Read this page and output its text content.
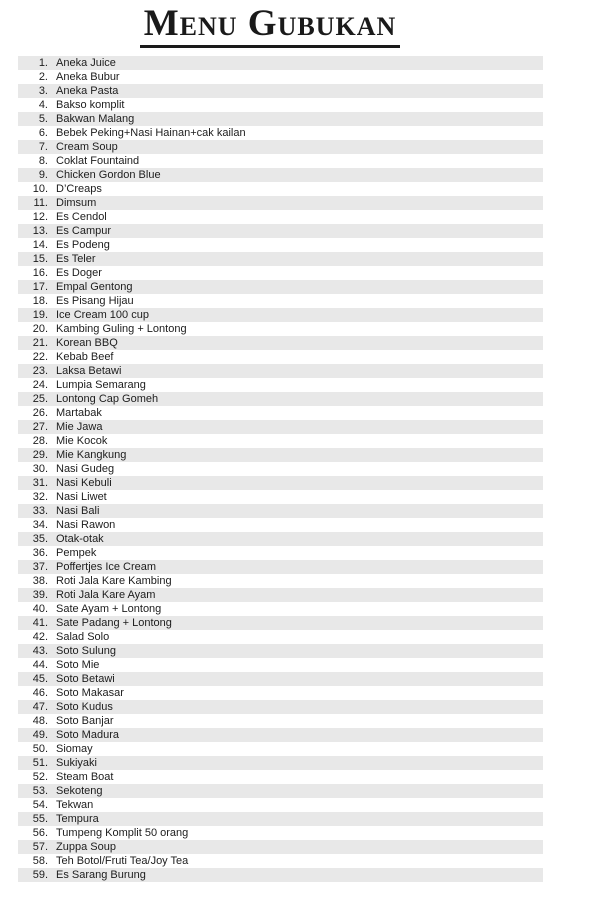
Menu Gubukan
1. Aneka Juice
2. Aneka Bubur
3. Aneka Pasta
4. Bakso komplit
5. Bakwan Malang
6. Bebek Peking+Nasi Hainan+cak kailan
7. Cream Soup
8. Coklat Fountaind
9. Chicken Gordon Blue
10. D’Creaps
11. Dimsum
12. Es Cendol
13. Es Campur
14. Es Podeng
15. Es Teler
16. Es Doger
17. Empal Gentong
18. Es Pisang Hijau
19. Ice Cream 100 cup
20. Kambing Guling + Lontong
21. Korean BBQ
22. Kebab Beef
23. Laksa Betawi
24. Lumpia Semarang
25. Lontong Cap Gomeh
26. Martabak
27. Mie Jawa
28. Mie Kocok
29. Mie Kangkung
30. Nasi Gudeg
31. Nasi Kebuli
32. Nasi Liwet
33. Nasi Bali
34. Nasi Rawon
35. Otak-otak
36. Pempek
37. Poffertjes Ice Cream
38. Roti Jala Kare Kambing
39. Roti Jala Kare Ayam
40. Sate Ayam + Lontong
41. Sate Padang + Lontong
42. Salad Solo
43. Soto Sulung
44. Soto Mie
45. Soto Betawi
46. Soto Makasar
47. Soto Kudus
48. Soto Banjar
49. Soto Madura
50. Siomay
51. Sukiyaki
52. Steam Boat
53. Sekoteng
54. Tekwan
55. Tempura
56. Tumpeng Komplit 50 orang
57. Zuppa Soup
58. Teh Botol/Fruti Tea/Joy Tea
59. Es Sarang Burung
